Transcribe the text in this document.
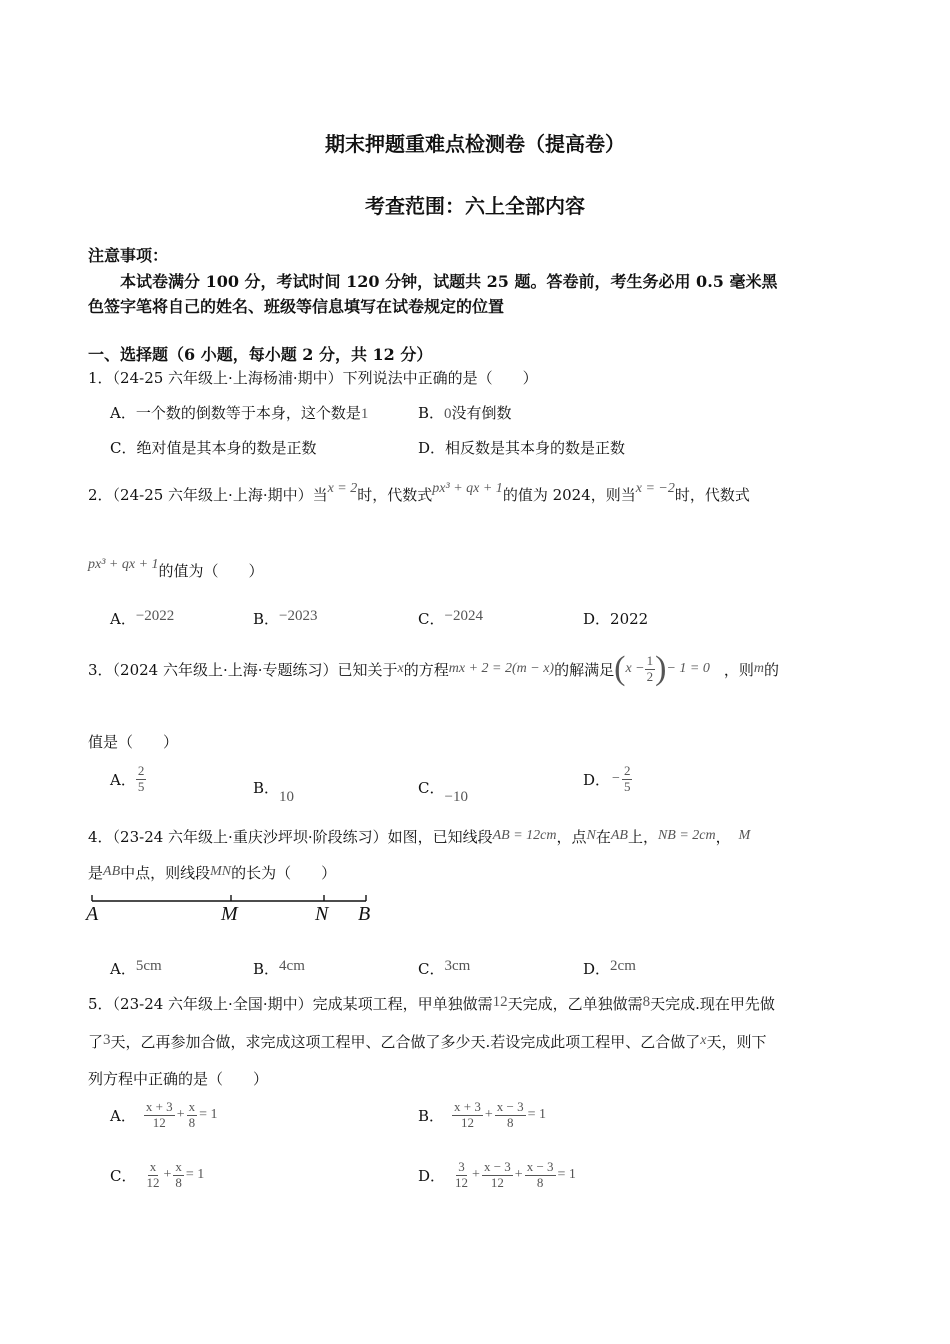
期末押题重难点检测卷（提高卷）
考查范围：六上全部内容
注意事项：
本试卷满分 100 分，考试时间 120 分钟，试题共 25 题。答卷前，考生务必用 0.5 毫米黑
色签字笔将自己的姓名、班级等信息填写在试卷规定的位置
一、选择题（6 小题，每小题 2 分，共 12 分）
1．（24-25 六年级上·上海杨浦·期中）下列说法中正确的是（　　）
A．一个数的倒数等于本身，这个数是1	B．0没有倒数
C．绝对值是其本身的数是正数	D．相反数是其本身的数是正数
2．（24-25 六年级上·上海·期中）当x = 2时，代数式px³ + qx + 1的值为 2024，则当x = −2时，代数式
px³ + qx + 1的值为（　　）
A．−2022	B．−2023	C．−2024	D．2022
3．（2024 六年级上·上海·专题练习）已知关于 x 的方程 mx + 2 = 2(m − x) 的解满足 ( $x - \frac{1}{2}$ ) − 1 = 0 ，则 m 的
值是（　　）
A． $\frac{2}{5}$	B．10	C．−10
D． − $\frac{2}{5}$
4．（23-24 六年级上·重庆沙坪坝·阶段练习）如图，已知线段AB = 12cm，点N在AB上，NB = 2cm， M
是AB中点，则线段MN的长为（　　）
A	M	N B
A．5cm	B．4cm	C．3cm	D．2cm
5．（23-24 六年级上·全国·期中）完成某项工程，甲单独做需12天完成，乙单独做需8天完成.现在甲先做
了3天，乙再参加合做，求完成这项工程甲、乙合做了多少天.若设完成此项工程甲、乙合做了x天，则下
列方程中正确的是（　　）
A． $\frac{x + 3}{12} + \frac{x}{8} = 1$	B． $\frac{x + 3}{12} + \frac{x - 3}{8} = 1$
C． $\frac{x}{12} + \frac{x}{8} = 1$	D． $\frac{3}{12} + \frac{x - 3}{12} + \frac{x - 3}{8} = 1$
